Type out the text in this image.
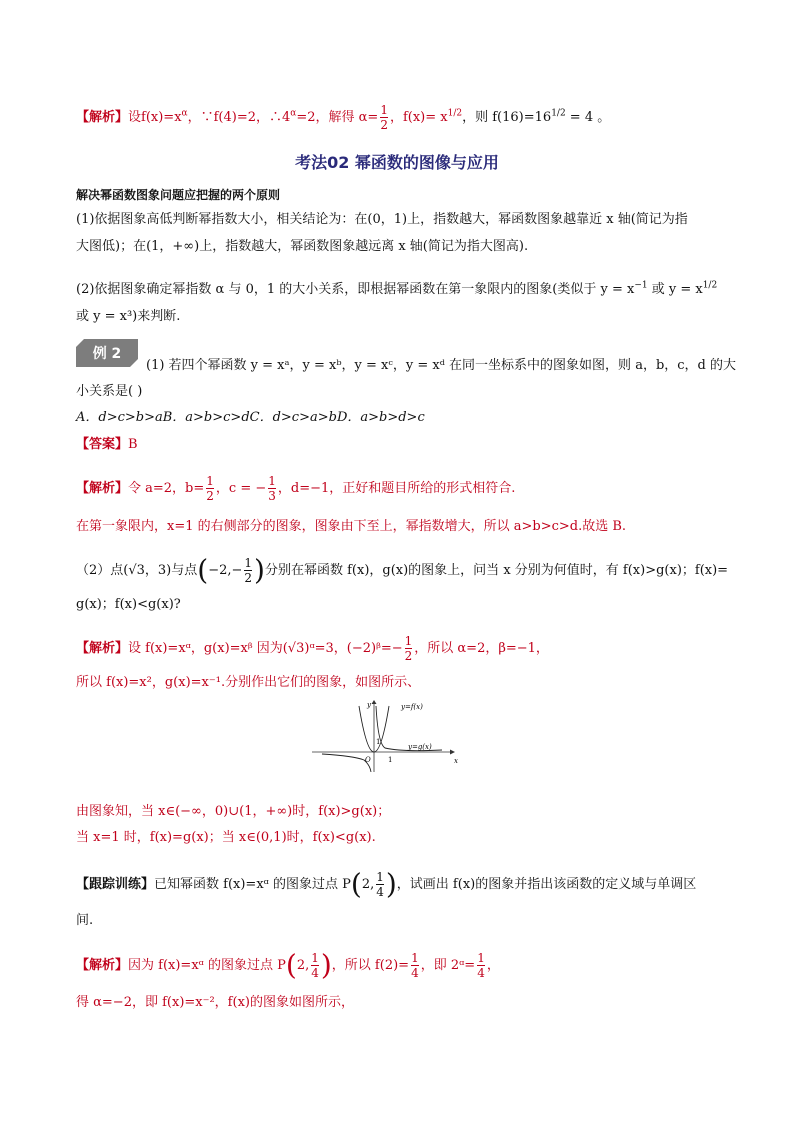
【解析】设$f(x)=x^\alpha$，∵f(4)=2，$\therefore 4^\alpha=2$，解得 $\alpha= \frac{1}{2}$ ，$f(x)= x^{1/2}$，则 $f(16)=16^{1/2} = 4$ 。
考法02 幂函数的图像与应用
解决幂函数图象问题应把握的两个原则
(1)依据图象高低判断幂指数大小，相关结论为：在(0，1)上，指数越大，幂函数图象越靠近 x 轴(简记为指
大图低)；在(1，+∞)上，指数越大，幂函数图象越远离 x 轴(简记为指大图高).
(2)依据图象确定幂指数 α 与 0，1 的大小关系，即根据幂函数在第一象限内的图象(类似于 $y = x^{-1}$ 或 $y = x^{1/2}$
或 y = x³)来判断.
例 2
(1) 若四个幂函数 y = xᵃ，y = xᵇ，y = xᶜ，y = xᵈ 在同一坐标系中的图象如图，则 a，b，c，d 的大
小关系是( )
A．d>c>b>aB．a>b>c>dC．d>c>a>bD．a>b>d>c
【答案】B
【解析】令 a=2，$b= \frac{1}{2}$ ，c = − $\frac{1}{3}$ ，d=−1，正好和题目所给的形式相符合.
在第一象限内，x=1 的右侧部分的图象，图象由下至上，幂指数增大，所以 a>b>c>d.故选 B.
（2）点(√3，3)与点($-2,- \frac{1}{2}$ )分别在幂函数 f(x)，g(x)的图象上，问当 x 分别为何值时，有 f(x)>g(x)；f(x)=
g(x)；f(x)<g(x)?
【解析】设 f(x)=xᵅ，g(x)=xᵝ 因为(√3)ᵅ=3，(−2)ᵝ=− $\frac{1}{2}$ ，所以 α=2，β=−1，
所以 f(x)=x²，g(x)=x⁻¹.分别作出它们的图象，如图所示、
y=f(x)
y=g(x)
y
x
O 1
1
由图象知，当 x∈(−∞，0)∪(1，+∞)时，f(x)>g(x)；
当 x=1 时，f(x)=g(x)；当 x∈(0,1)时，f(x)<g(x).
【跟踪训练】已知幂函数 f(x)=xᵅ 的图象过点 P(2, $\frac{1}{4}$ )，试画出 f(x)的图象并指出该函数的定义域与单调区
间.
【解析】因为 f(x)=xᵅ 的图象过点 P(2, $\frac{1}{4}$ )，所以 $f(2)= \frac{1}{4}$ ，即 2ᵅ= $\frac{1}{4}$ ，
得 α=−2，即 f(x)=x⁻²，f(x)的图象如图所示，
